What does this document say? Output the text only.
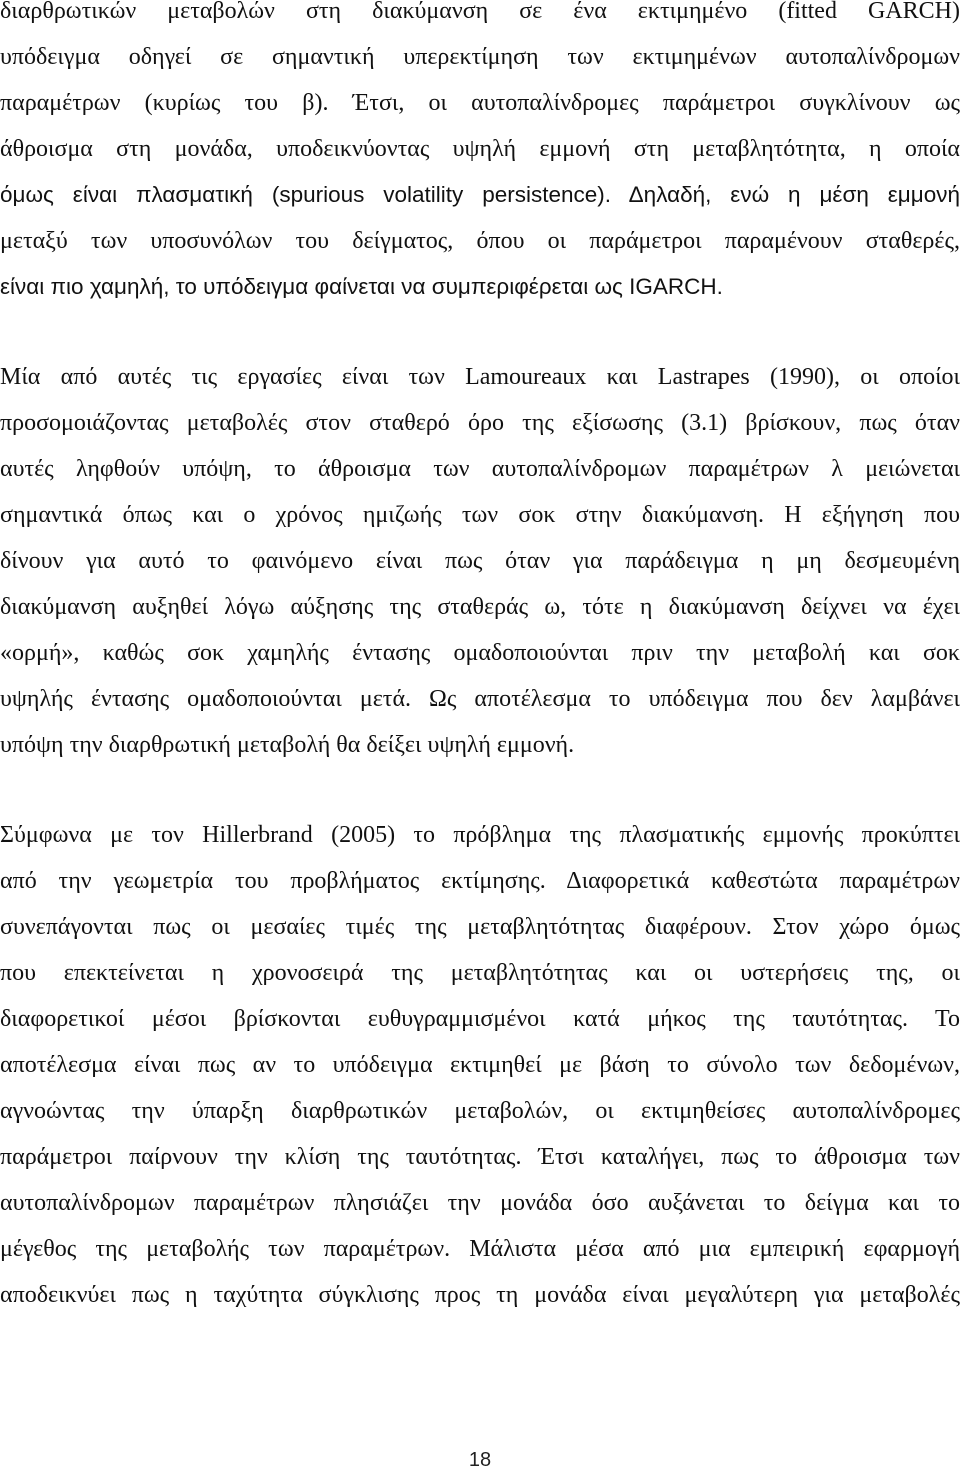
διαρθρωτικών μεταβολών στη διακύμανση σε ένα εκτιμημένο (fitted GARCH)
υπόδειγμα οδηγεί σε σημαντική υπερεκτίμηση των εκτιμημένων αυτοπαλίνδρομων
παραμέτρων (κυρίως του β). Έτσι, οι αυτοπαλίνδρομες παράμετροι συγκλίνουν ως
άθροισμα στη μονάδα, υποδεικνύοντας υψηλή εμμονή στη μεταβλητότητα, η οποία
όμως είναι πλασματική (spurious volatility persistence). Δηλαδή, ενώ η μέση εμμονή
μεταξύ των υποσυνόλων του δείγματος, όπου οι παράμετροι παραμένουν σταθερές,
είναι πιο χαμηλή, το υπόδειγμα φαίνεται να συμπεριφέρεται ως IGARCH.
Μία από αυτές τις εργασίες είναι των Lamoureaux και Lastrapes (1990), οι οποίοι
προσομοιάζοντας μεταβολές στον σταθερό όρο της εξίσωσης (3.1) βρίσκουν, πως όταν
αυτές ληφθούν υπόψη, το άθροισμα των αυτοπαλίνδρομων παραμέτρων λ μειώνεται
σημαντικά όπως και ο χρόνος ημιζωής των σοκ στην διακύμανση. Η εξήγηση που
δίνουν για αυτό το φαινόμενο είναι πως όταν για παράδειγμα η μη δεσμευμένη
διακύμανση αυξηθεί λόγω αύξησης της σταθεράς ω, τότε η διακύμανση δείχνει να έχει
«ορμή», καθώς σοκ χαμηλής έντασης ομαδοποιούνται πριν την μεταβολή και σοκ
υψηλής έντασης ομαδοποιούνται μετά. Ως αποτέλεσμα το υπόδειγμα που δεν λαμβάνει
υπόψη την διαρθρωτική μεταβολή θα δείξει υψηλή εμμονή.
Σύμφωνα με τον Hillerbrand (2005) το πρόβλημα της πλασματικής εμμονής προκύπτει
από την γεωμετρία του προβλήματος εκτίμησης. Διαφορετικά καθεστώτα παραμέτρων
συνεπάγονται πως οι μεσαίες τιμές της μεταβλητότητας διαφέρουν. Στον χώρο όμως
που επεκτείνεται η χρονοσειρά της μεταβλητότητας και οι υστερήσεις της, οι
διαφορετικοί μέσοι βρίσκονται ευθυγραμμισμένοι κατά μήκος της ταυτότητας. Το
αποτέλεσμα είναι πως αν το υπόδειγμα εκτιμηθεί με βάση το σύνολο των δεδομένων,
αγνοώντας την ύπαρξη διαρθρωτικών μεταβολών, οι εκτιμηθείσες αυτοπαλίνδρομες
παράμετροι παίρνουν την κλίση της ταυτότητας. Έτσι καταλήγει, πως το άθροισμα των
αυτοπαλίνδρομων παραμέτρων πλησιάζει την μονάδα όσο αυξάνεται το δείγμα και το
μέγεθος της μεταβολής των παραμέτρων. Μάλιστα μέσα από μια εμπειρική εφαρμογή
αποδεικνύει πως η ταχύτητα σύγκλισης προς τη μονάδα είναι μεγαλύτερη για μεταβολές
18
